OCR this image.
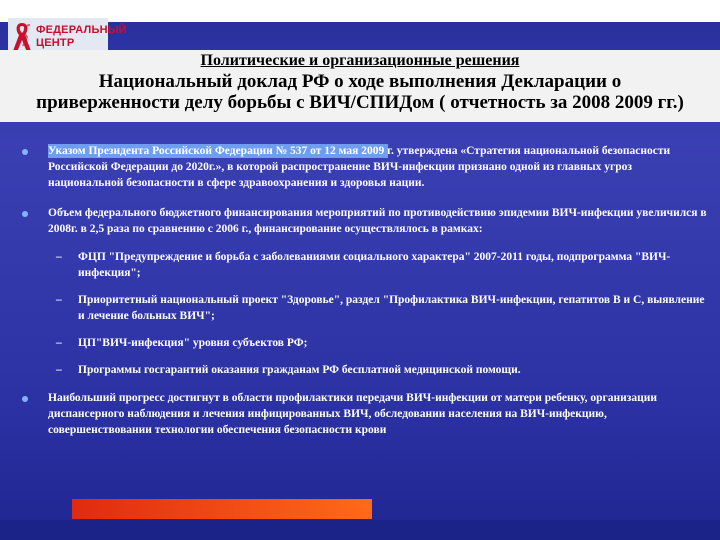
ФЕДЕРАЛЬНЫЙ
ЦЕНТР
Политические и организационные решения
Национальный доклад РФ о ходе выполнения Декларации о
приверженности делу борьбы с ВИЧ/СПИДом ( отчетность за 2008 2009 гг.)
Указом Президента Российской Федерации № 537 от 12 мая 2009 г. утверждена «Стратегия национальной безопасности Российской Федерации до 2020г.», в которой распространение ВИЧ-инфекции признано одной из главных угроз национальной безопасности в сфере здравоохранения и здоровья нации.
Объем федерального бюджетного финансирования мероприятий по противодействию эпидемии ВИЧ-инфекции увеличился в 2008г. в 2,5 раза по сравнению с 2006 г., финансирование осуществлялось в рамках:
– ФЦП "Предупреждение и борьба с заболеваниями социального характера" 2007-2011 годы, подпрограмма "ВИЧ-инфекция";
– Приоритетный национальный проект "Здоровье", раздел "Профилактика ВИЧ-инфекции, гепатитов В и С, выявление и лечение больных ВИЧ";
– ЦП"ВИЧ-инфекция" уровня субъектов РФ;
– Программы госгарантий оказания гражданам РФ бесплатной медицинской помощи.
Наибольший прогресс достигнут в области профилактики передачи ВИЧ-инфекции от матери ребенку, организации диспансерного наблюдения и лечения инфицированных ВИЧ, обследовании населения на ВИЧ-инфекцию, совершенствовании технологии обеспечения безопасности крови
